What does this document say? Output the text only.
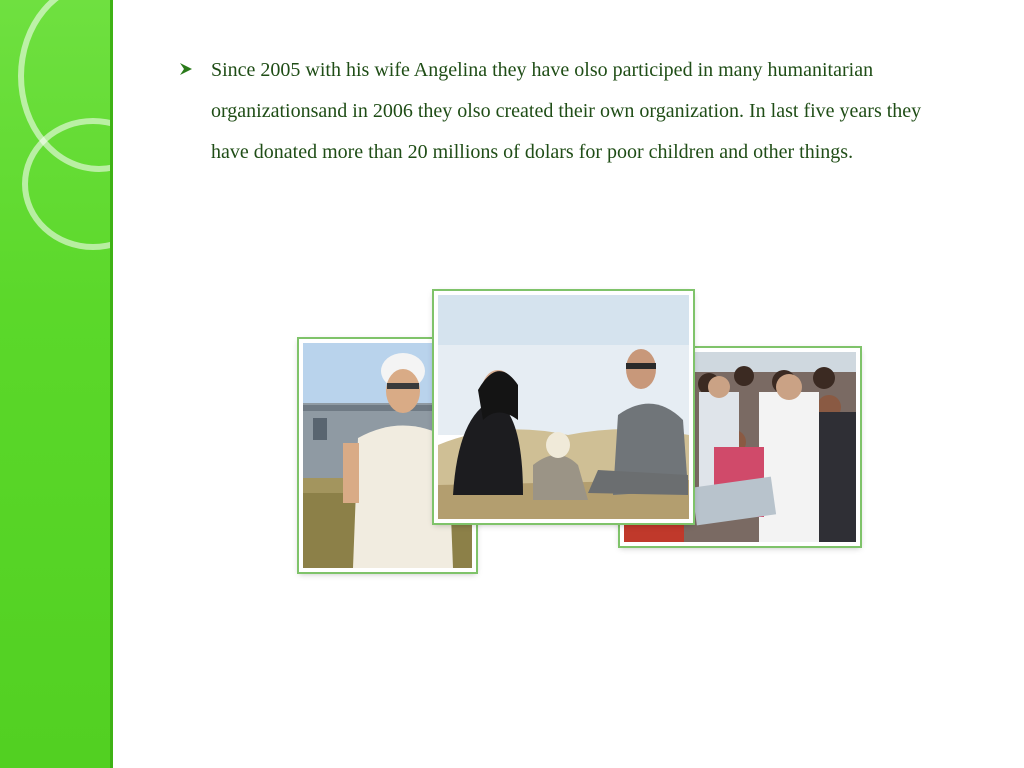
Since 2005 with his wife Angelina they have olso participed in many humanitarian organizationsand in 2006 they olso created their own organization. In last five years they have donated more than 20 millions of dolars for poor children and other things.
